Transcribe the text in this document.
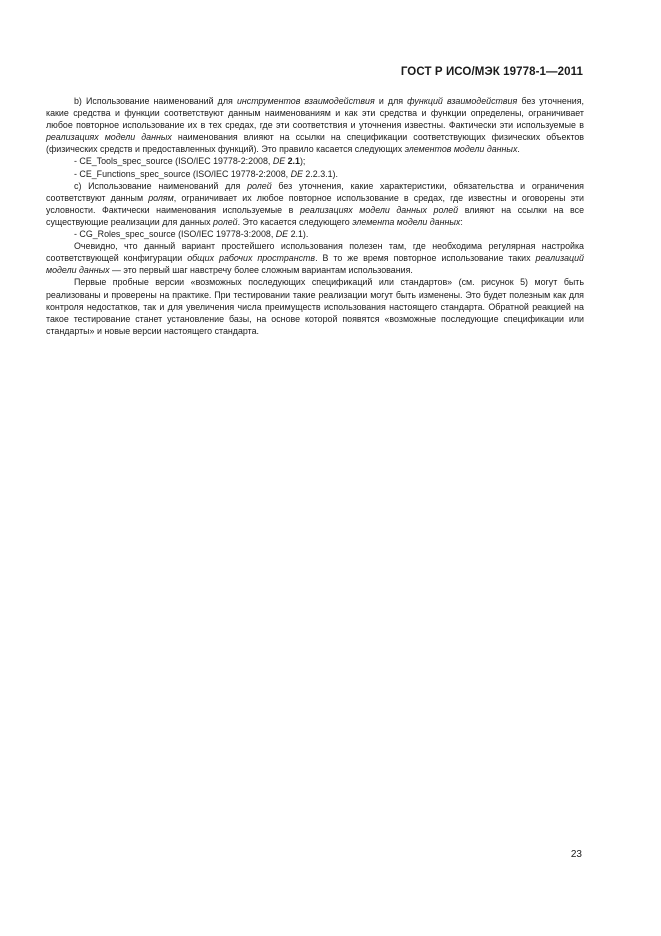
ГОСТ Р ИСО/МЭК 19778-1—2011

b) Использование наименований для инструментов взаимодействия и для функций взаимодействия без уточнения, какие средства и функции соответствуют данным наименованиям и как эти средства и функции определены, ограничивает любое повторное использование их в тех средах, где эти соответствия и уточнения известны. Фактически эти используемые в реализациях модели данных наименования влияют на ссылки на спецификации соответствующих физических объектов (физических средств и предоставленных функций). Это правило касается следующих элементов модели данных.

- CE_Tools_spec_source (ISO/IEC 19778-2:2008, DE 2.1);

- CE_Functions_spec_source (ISO/IEC 19778-2:2008, DE 2.2.3.1).

c) Использование наименований для ролей без уточнения, какие характеристики, обязательства и ограничения соответствуют данным ролям, ограничивает их любое повторное использование в средах, где известны и оговорены эти условности. Фактически наименования используемые в реализациях модели данных ролей влияют на ссылки на все существующие реализации для данных ролей. Это касается следующего элемента модели данных:

- CG_Roles_spec_source (ISO/IEC 19778-3:2008, DE 2.1).

Очевидно, что данный вариант простейшего использования полезен там, где необходима регулярная настройка соответствующей конфигурации общих рабочих пространств. В то же время повторное использование таких реализаций модели данных — это первый шаг навстречу более сложным вариантам использования.

Первые пробные версии «возможных последующих спецификаций или стандартов» (см. рисунок 5) могут быть реализованы и проверены на практике. При тестировании такие реализации могут быть изменены. Это будет полезным как для контроля недостатков, так и для увеличения числа преимуществ использования настоящего стандарта. Обратной реакцией на такое тестирование станет установление базы, на основе которой появятся «возможные последующие спецификации или стандарты» и новые версии настоящего стандарта.

23
